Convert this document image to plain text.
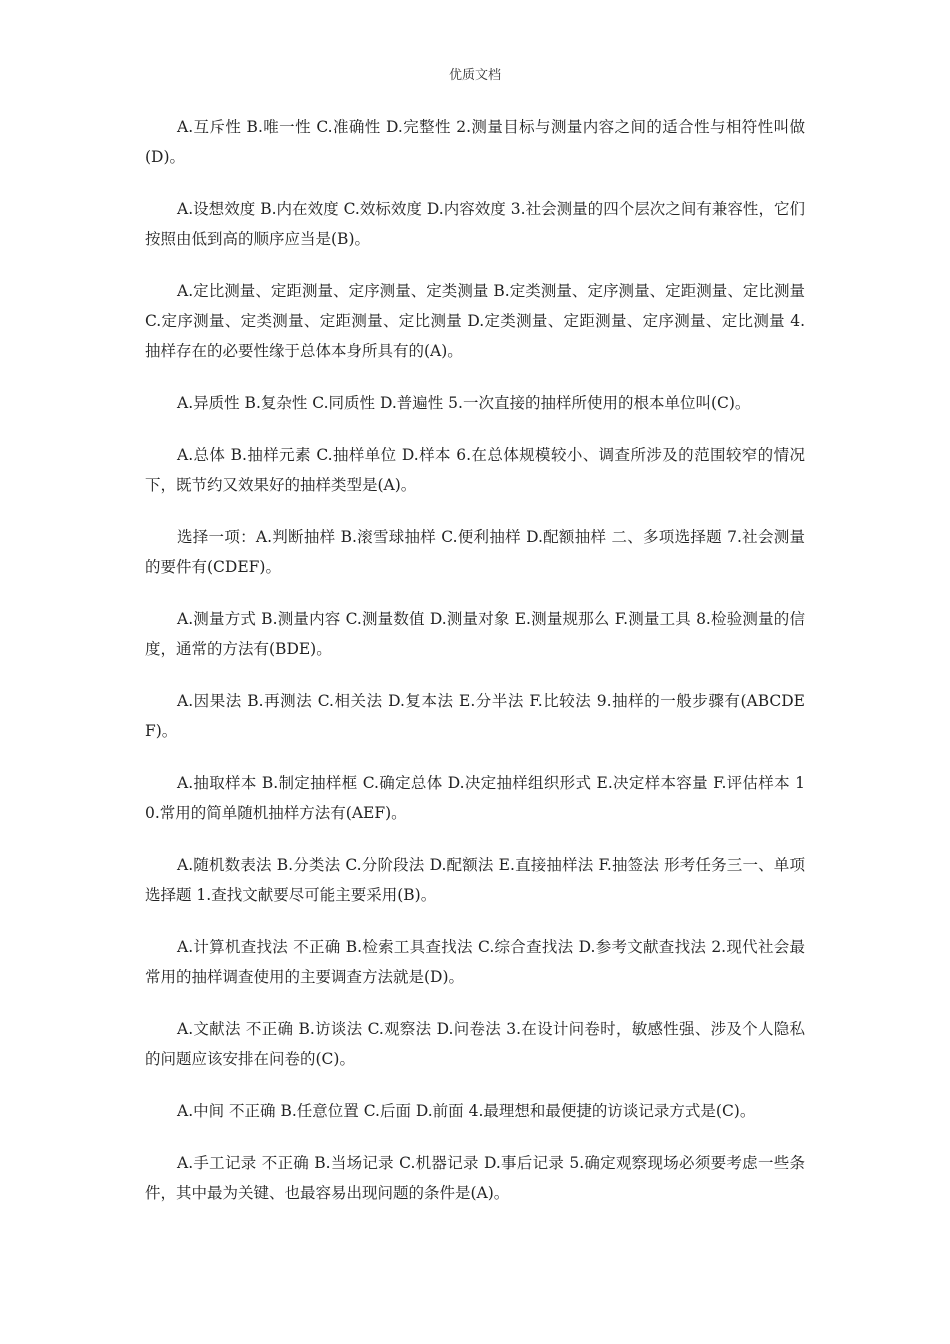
优质文档

A.互斥性 B.唯一性 C.准确性 D.完整性 2.测量目标与测量内容之间的适合性与相符性叫做(D)。

A.设想效度 B.内在效度 C.效标效度 D.内容效度 3.社会测量的四个层次之间有兼容性，它们按照由低到高的顺序应当是(B)。

A.定比测量、定距测量、定序测量、定类测量 B.定类测量、定序测量、定距测量、定比测量 C.定序测量、定类测量、定距测量、定比测量 D.定类测量、定距测量、定序测量、定比测量 4.抽样存在的必要性缘于总体本身所具有的(A)。

A.异质性 B.复杂性 C.同质性 D.普遍性 5.一次直接的抽样所使用的根本单位叫(C)。

A.总体 B.抽样元素 C.抽样单位 D.样本 6.在总体规模较小、调查所涉及的范围较窄的情况下，既节约又效果好的抽样类型是(A)。

选择一项：A.判断抽样 B.滚雪球抽样 C.便利抽样 D.配额抽样 二、多项选择题 7.社会测量的要件有(CDEF)。

A.测量方式 B.测量内容 C.测量数值 D.测量对象 E.测量规那么 F.测量工具 8.检验测量的信度，通常的方法有(BDE)。

A.因果法 B.再测法 C.相关法 D.复本法 E.分半法 F.比较法 9.抽样的一般步骤有(ABCDEF)。

A.抽取样本 B.制定抽样框 C.确定总体 D.决定抽样组织形式 E.决定样本容量 F.评估样本 10.常用的简单随机抽样方法有(AEF)。

A.随机数表法 B.分类法 C.分阶段法 D.配额法 E.直接抽样法 F.抽签法 形考任务三一、单项选择题 1.查找文献要尽可能主要采用(B)。

A.计算机查找法 不正确 B.检索工具查找法 C.综合查找法 D.参考文献查找法 2.现代社会最常用的抽样调查使用的主要调查方法就是(D)。

A.文献法 不正确 B.访谈法 C.观察法 D.问卷法 3.在设计问卷时，敏感性强、涉及个人隐私的问题应该安排在问卷的(C)。

A.中间 不正确 B.任意位置 C.后面 D.前面 4.最理想和最便捷的访谈记录方式是(C)。

A.手工记录 不正确 B.当场记录 C.机器记录 D.事后记录 5.确定观察现场必须要考虑一些条件，其中最为关键、也最容易出现问题的条件是(A)。
